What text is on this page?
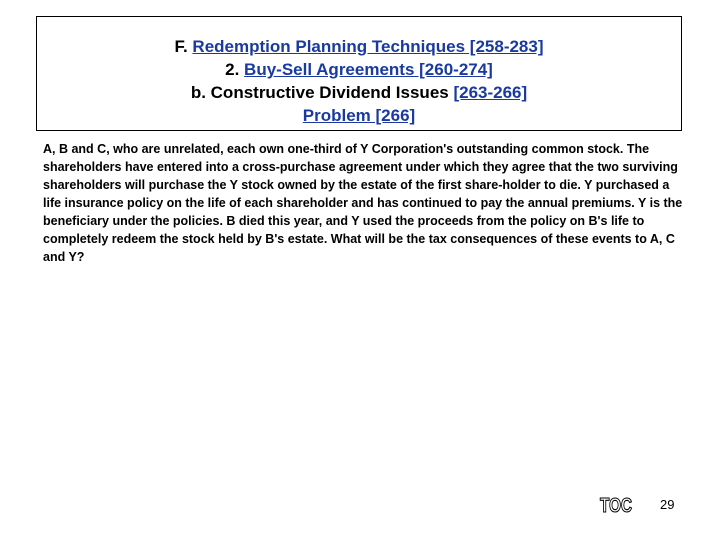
F. Redemption Planning Techniques [258-283]
2. Buy-Sell Agreements [260-274]
b. Constructive Dividend Issues [263-266]
Problem [266]

A, B and C, who are unrelated, each own one-third of Y Corporation's outstanding common stock. The shareholders have entered into a cross-purchase agreement under which they agree that the two surviving shareholders will purchase the Y stock owned by the estate of the first share-holder to die. Y purchased a life insurance policy on the life of each shareholder and has continued to pay the annual premiums. Y is the beneficiary under the policies. B died this year, and Y used the proceeds from the policy on B's life to completely redeem the stock held by B's estate. What will be the tax consequences of these events to A, C and Y?

TOC 29
